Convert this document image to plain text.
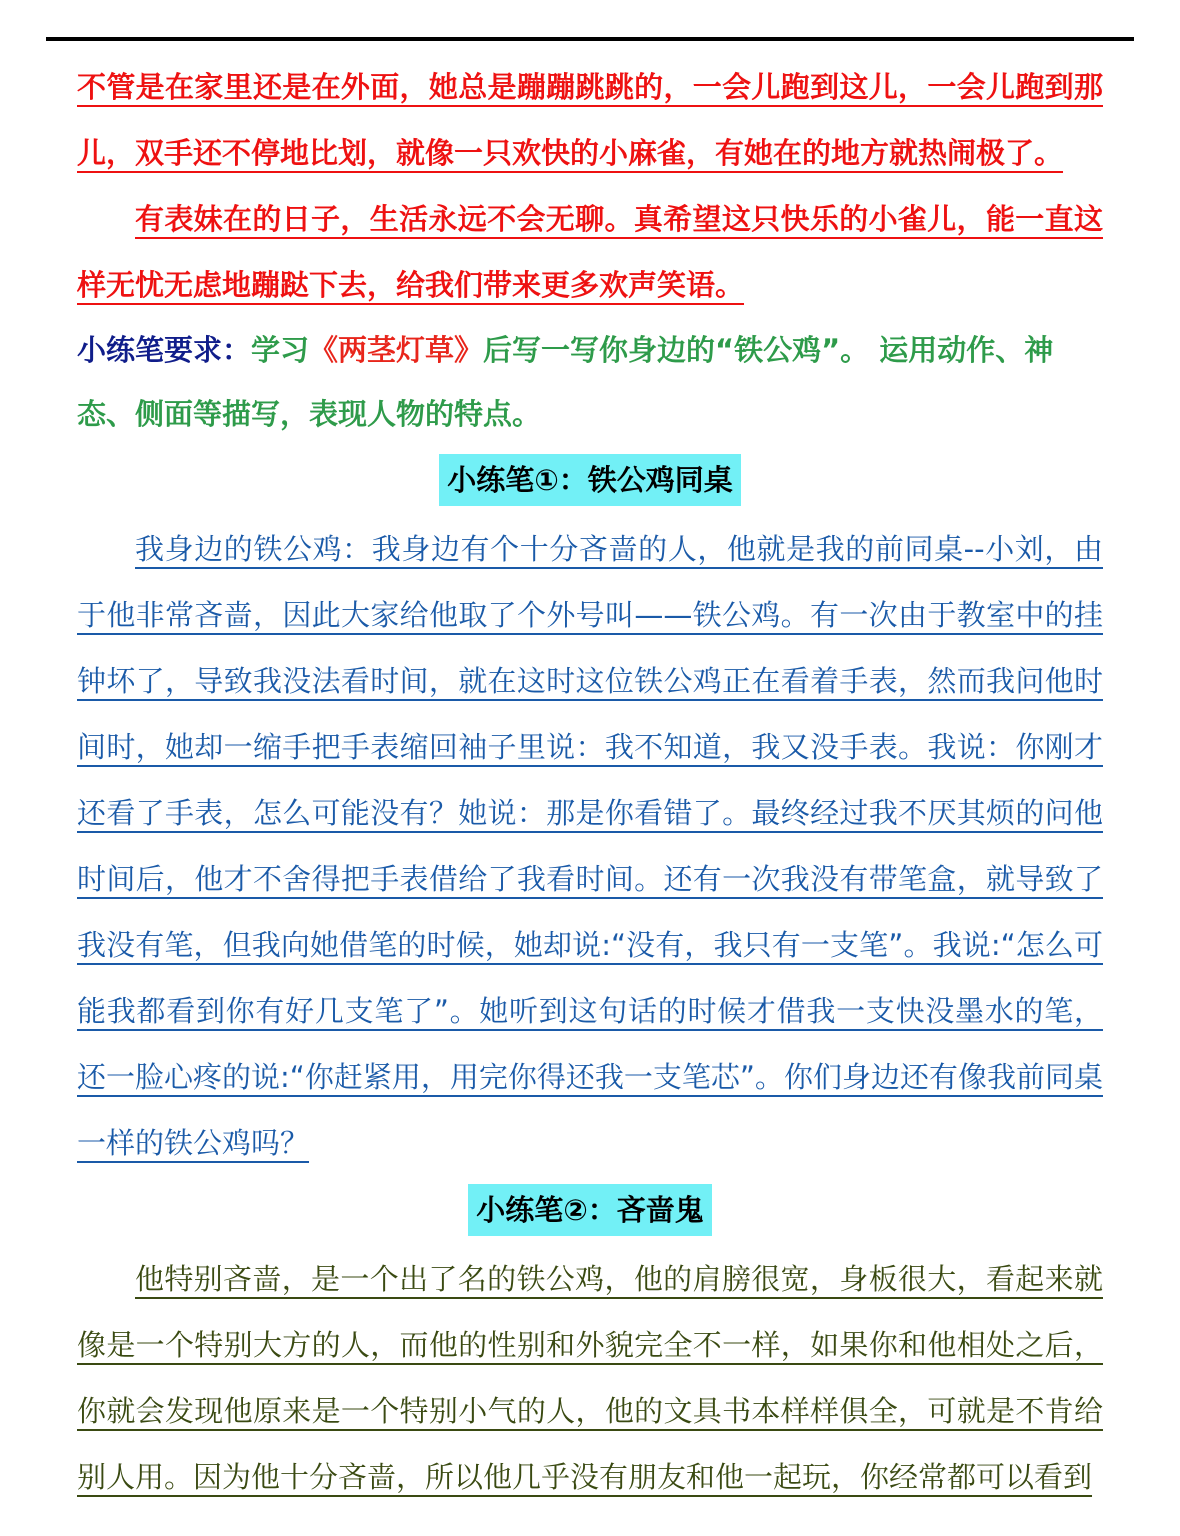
不管是在家里还是在外面，她总是蹦蹦跳跳的，一会儿跑到这儿，一会儿跑到那儿，双手还不停地比划，就像一只欢快的小麻雀，有她在的地方就热闹极了。

有表妹在的日子，生活永远不会无聊。真希望这只快乐的小雀儿，能一直这样无忧无虑地蹦跶下去，给我们带来更多欢声笑语。

小练笔要求：学习《两茎灯草》后写一写你身边的“铁公鸡”。 运用动作、神态、侧面等描写，表现人物的特点。

小练笔①：铁公鸡同桌

我身边的铁公鸡：我身边有个十分吝啬的人，他就是我的前同桌--小刘，由于他非常吝啬，因此大家给他取了个外号叫——铁公鸡。有一次由于教室中的挂钟坏了，导致我没法看时间，就在这时这位铁公鸡正在看着手表，然而我问他时间时，她却一缩手把手表缩回袖子里说：我不知道，我又没手表。我说：你刚才还看了手表，怎么可能没有？她说：那是你看错了。最终经过我不厌其烦的问他时间后，他才不舍得把手表借给了我看时间。还有一次我没有带笔盒，就导致了我没有笔，但我向她借笔的时候，她却说:“没有，我只有一支笔”。我说:“怎么可能我都看到你有好几支笔了”。她听到这句话的时候才借我一支快没墨水的笔，还一脸心疼的说:“你赶紧用，用完你得还我一支笔芯”。你们身边还有像我前同桌一样的铁公鸡吗？

小练笔②：吝啬鬼

他特别吝啬，是一个出了名的铁公鸡，他的肩膀很宽，身板很大，看起来就像是一个特别大方的人，而他的性别和外貌完全不一样，如果你和他相处之后，你就会发现他原来是一个特别小气的人，他的文具书本样样俱全，可就是不肯给别人用。因为他十分吝啬，所以他几乎没有朋友和他一起玩，你经常都可以看到
